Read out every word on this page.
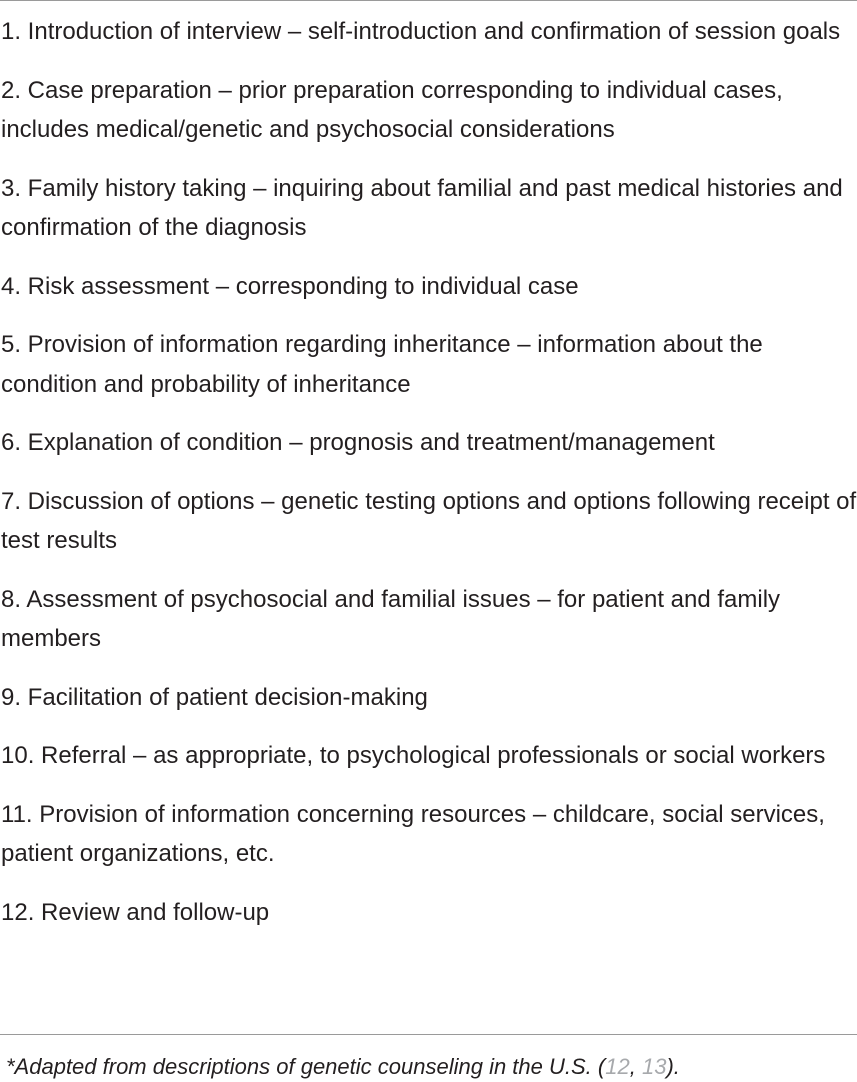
1. Introduction of interview – self-introduction and confirmation of session goals
2. Case preparation – prior preparation corresponding to individual cases, includes medical/genetic and psychosocial considerations
3. Family history taking – inquiring about familial and past medical histories and confirmation of the diagnosis
4. Risk assessment – corresponding to individual case
5. Provision of information regarding inheritance – information about the condition and probability of inheritance
6. Explanation of condition – prognosis and treatment/management
7. Discussion of options – genetic testing options and options following receipt of test results
8. Assessment of psychosocial and familial issues – for patient and family members
9. Facilitation of patient decision-making
10. Referral – as appropriate, to psychological professionals or social workers
11. Provision of information concerning resources – childcare, social services, patient organizations, etc.
12. Review and follow-up
*Adapted from descriptions of genetic counseling in the U.S. (12, 13).
